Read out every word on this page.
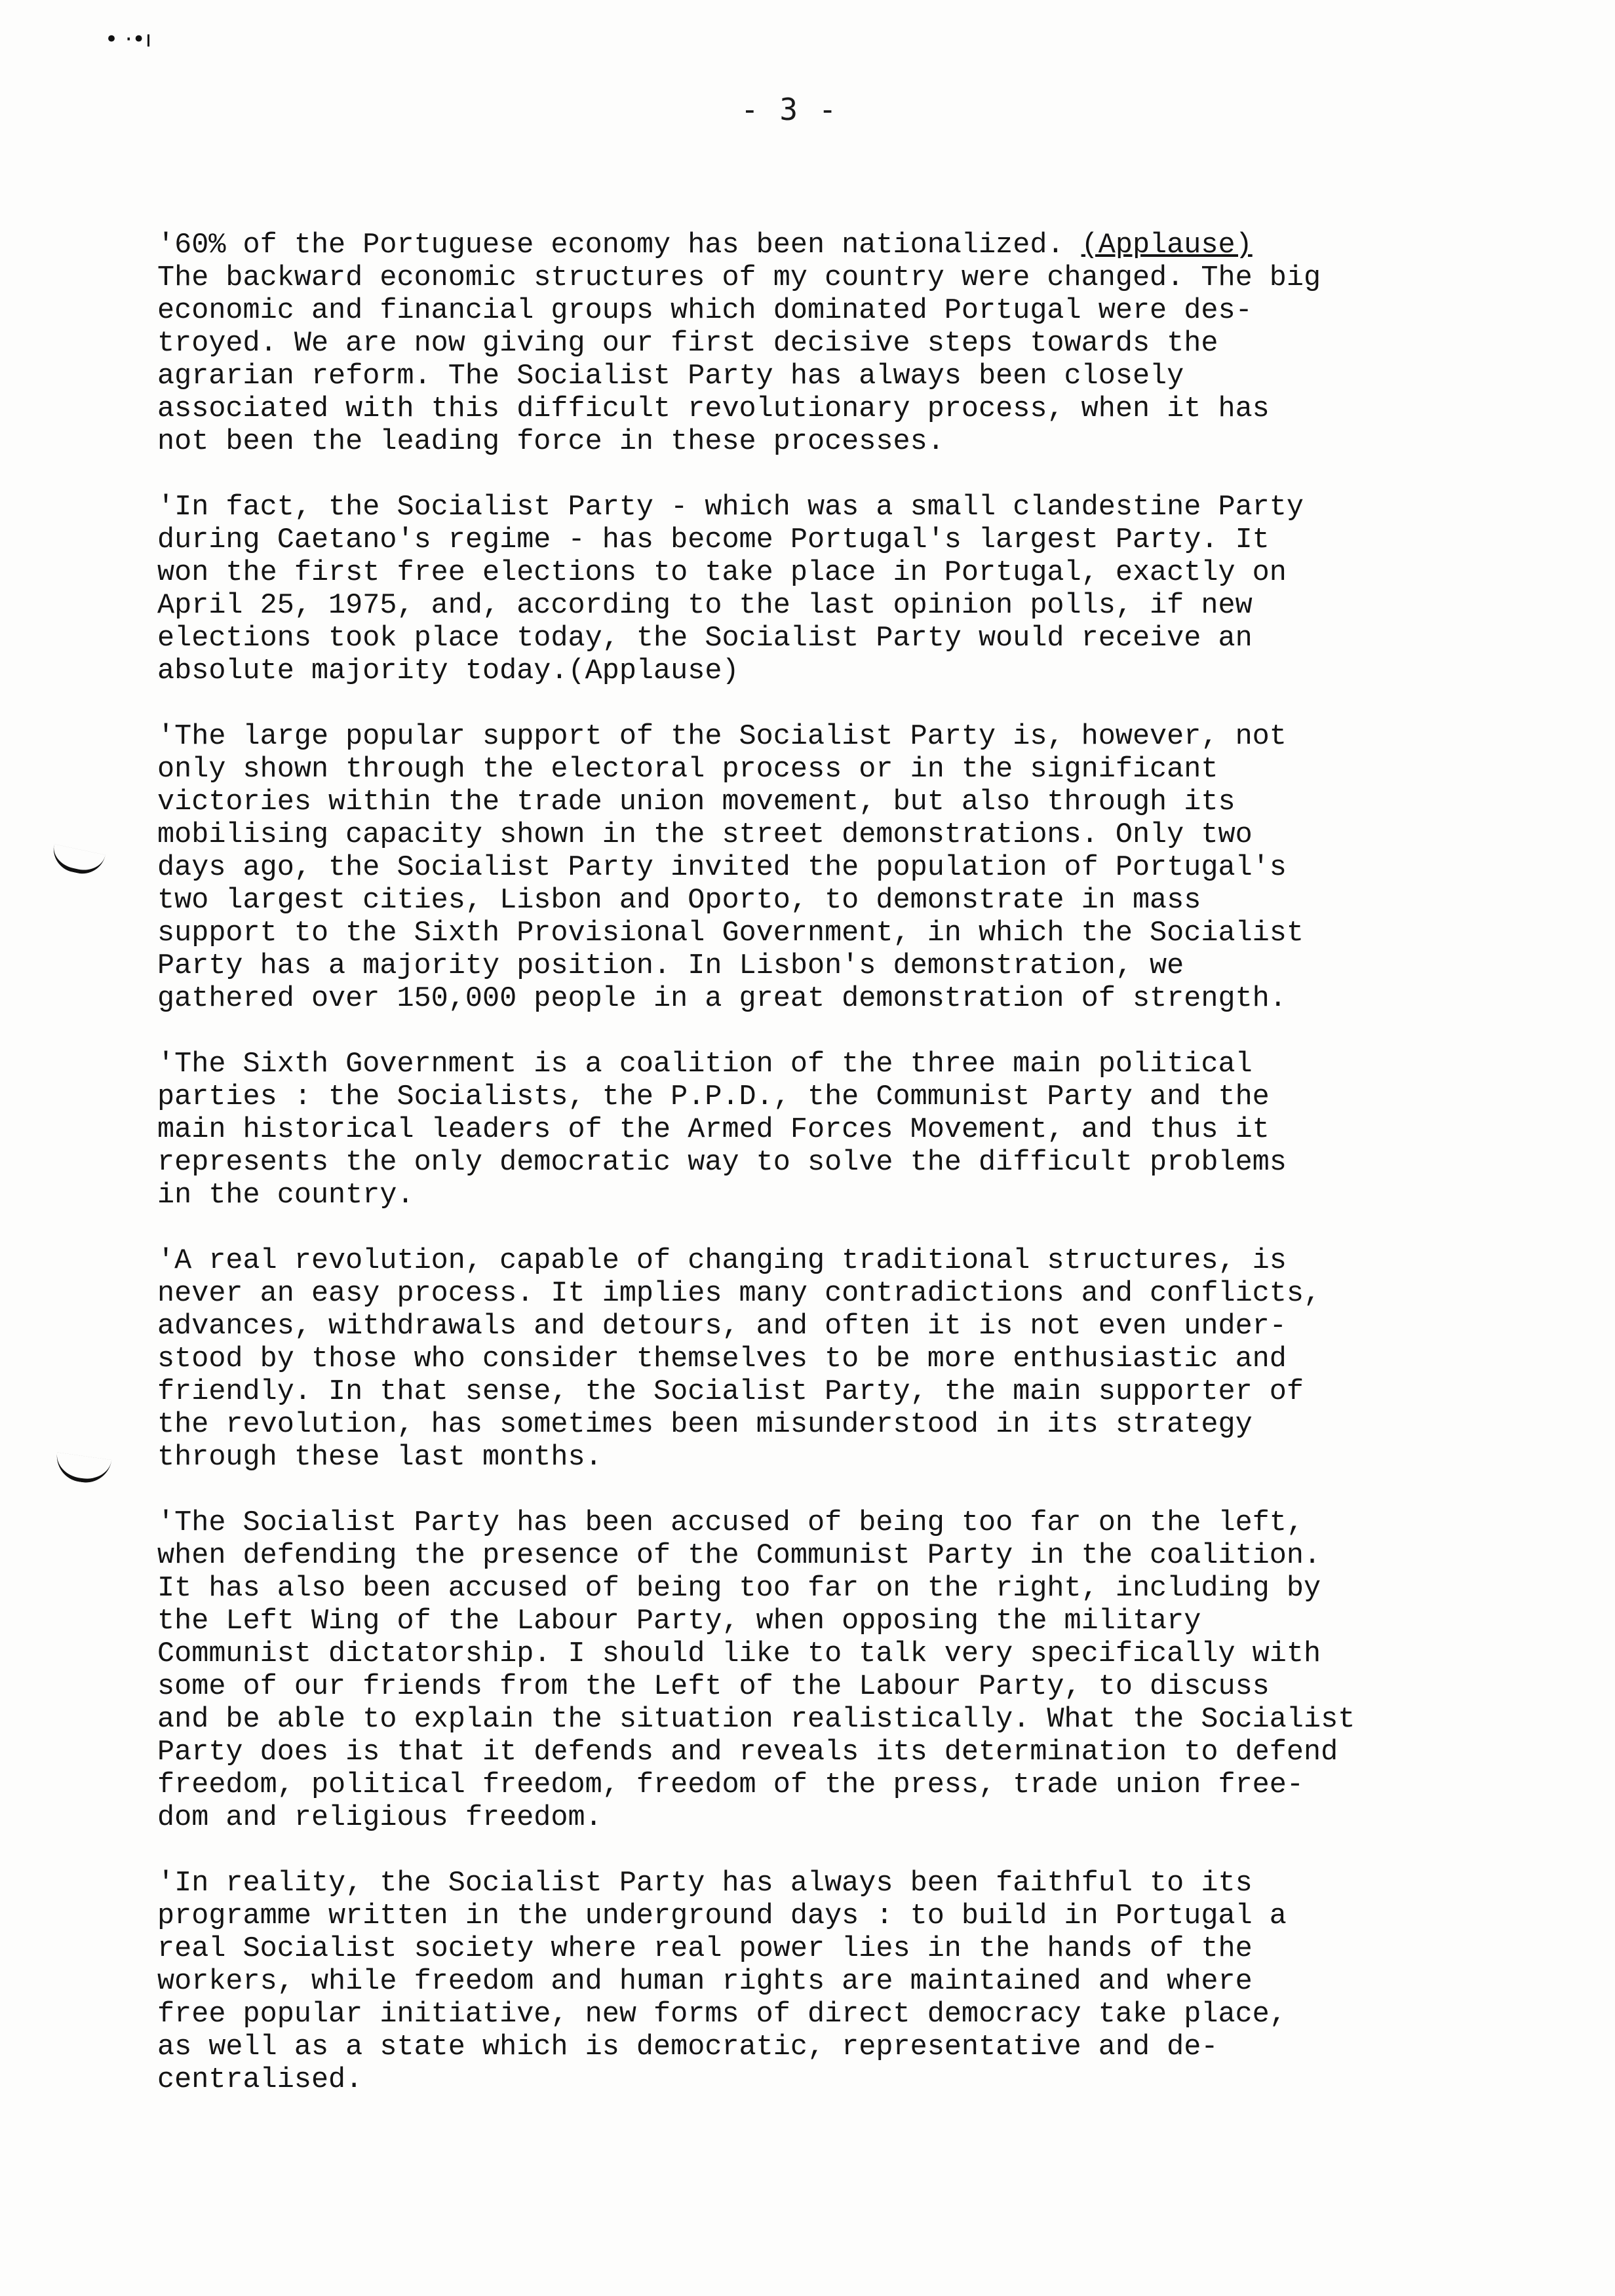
• ·•ı
- 3 -
'60% of the Portuguese economy has been nationalized. (Applause)
The backward economic structures of my country were changed. The big
economic and financial groups which dominated Portugal were des-
troyed. We are now giving our first decisive steps towards the
agrarian reform. The Socialist Party has always been closely
associated with this difficult revolutionary process, when it has
not been the leading force in these processes.
'In fact, the Socialist Party - which was a small clandestine Party
during Caetano's regime - has become Portugal's largest Party. It
won the first free elections to take place in Portugal, exactly on
April 25, 1975, and, according to the last opinion polls, if new
elections took place today, the Socialist Party would receive an
absolute majority today.(Applause)
'The large popular support of the Socialist Party is, however, not
only shown through the electoral process or in the significant
victories within the trade union movement, but also through its
mobilising capacity shown in the street demonstrations. Only two
days ago, the Socialist Party invited the population of Portugal's
two largest cities, Lisbon and Oporto, to demonstrate in mass
support to the Sixth Provisional Government, in which the Socialist
Party has a majority position. In Lisbon's demonstration, we
gathered over 150,000 people in a great demonstration of strength.
'The Sixth Government is a coalition of the three main political
parties : the Socialists, the P.P.D., the Communist Party and the
main historical leaders of the Armed Forces Movement, and thus it
represents the only democratic way to solve the difficult problems
in the country.
'A real revolution, capable of changing traditional structures, is
never an easy process. It implies many contradictions and conflicts,
advances, withdrawals and detours, and often it is not even under-
stood by those who consider themselves to be more enthusiastic and
friendly. In that sense, the Socialist Party, the main supporter of
the revolution, has sometimes been misunderstood in its strategy
through these last months.
'The Socialist Party has been accused of being too far on the left,
when defending the presence of the Communist Party in the coalition.
It has also been accused of being too far on the right, including by
the Left Wing of the Labour Party, when opposing the military
Communist dictatorship. I should like to talk very specifically with
some of our friends from the Left of the Labour Party, to discuss
and be able to explain the situation realistically. What the Socialist
Party does is that it defends and reveals its determination to defend
freedom, political freedom, freedom of the press, trade union free-
dom and religious freedom.
'In reality, the Socialist Party has always been faithful to its
programme written in the underground days : to build in Portugal a
real Socialist society where real power lies in the hands of the
workers, while freedom and human rights are maintained and where
free popular initiative, new forms of direct democracy take place,
as well as a state which is democratic, representative and de-
centralised.
